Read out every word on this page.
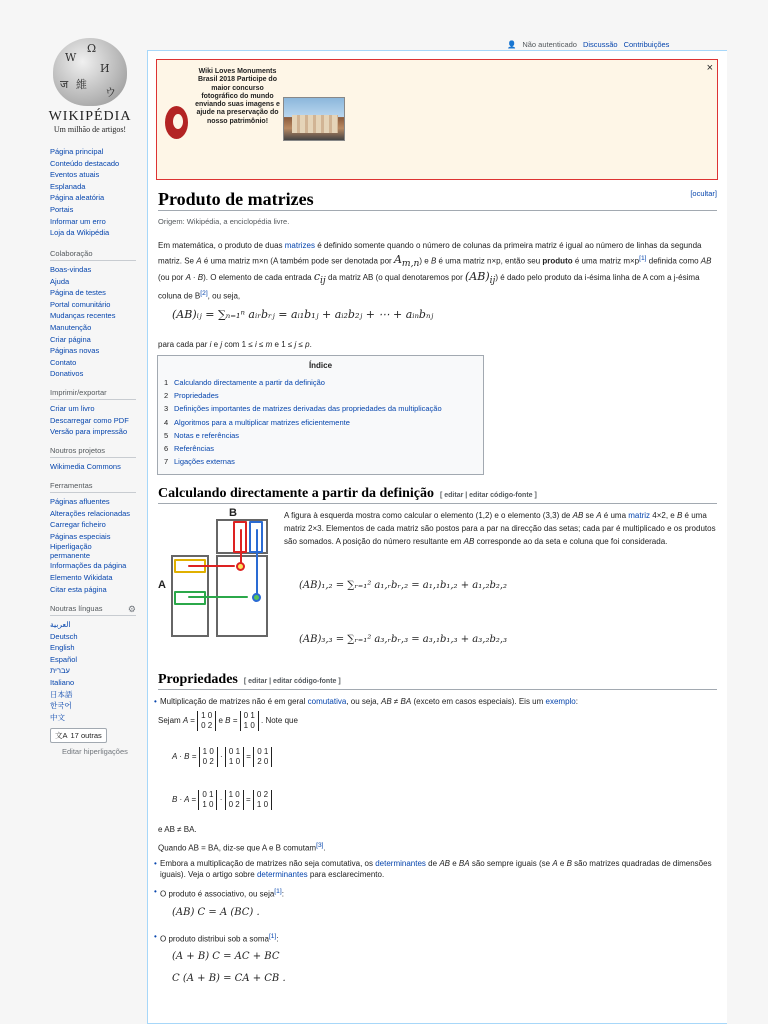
W
Ω
И
維
ウ
ज
WIKIPÉDIA
Um milhão de artigos!
Página principal
Conteúdo destacado
Eventos atuais
Esplanada
Página aleatória
Portais
Informar um erro
Loja da Wikipédia
Colaboração
Boas-vindas
Ajuda
Página de testes
Portal comunitário
Mudanças recentes
Manutenção
Criar página
Páginas novas
Contato
Donativos
Imprimir/exportar
Criar um livro
Descarregar como PDF
Versão para impressão
Noutros projetos
Wikimedia Commons
Ferramentas
Páginas afluentes
Alterações relacionadas
Carregar ficheiro
Páginas especiais
Hiperligação
permanente
Informações da página
Elemento Wikidata
Citar esta página
Noutras línguas	⚙
العربية
Deutsch
English
Español
עברית
Italiano
日本語
한국어
中文
文A 17 outras
Editar hiperligações
👤 Não autenticado Discussão Contribuições
×
Wiki Loves Monuments Brasil 2018 Participe do maior concurso fotográfico do mundo enviando suas imagens e ajude na preservação do nosso patrimônio!
Produto de matrizes	[ocultar]
Origem: Wikipédia, a enciclopédia livre.

Em matemática, o produto de duas matrizes é definido somente quando o número de colunas da primeira matriz é igual ao número de linhas da segunda matriz. Se A é uma matriz m×n (A também pode ser denotada por $A_{m,n}$) e B é uma matriz n×p, então seu produto é uma matriz m×p[1] definida como AB (ou por A · B). O elemento de cada entrada $c_{ij}$ da matriz AB (o qual denotaremos por $(AB)_{ij}$) é dado pelo produto da i-ésima linha de A com a j-ésima coluna de B[2], ou seja,

(AB)ᵢⱼ = ∑ₙ₌₁ⁿ aᵢᵣbᵣⱼ = aᵢ₁b₁ⱼ + aᵢ₂b₂ⱼ + ⋯ + aᵢₙbₙⱼ

para cada par i e j com 1 ≤ i ≤ m e 1 ≤ j ≤ p.

Índice
1 Calculando directamente a partir da definição
2 Propriedades
3 Definições importantes de matrizes derivadas das propriedades da multiplicação
4 Algoritmos para a multiplicar matrizes eficientemente
5 Notas e referências
6 Referências
7 Ligações externas
Calculando directamente a partir da definição [ editar | editar código-fonte ]
B
A

A figura à esquerda mostra como calcular o elemento (1,2) e o elemento (3,3) de AB se A é uma matriz 4×2, e B é uma matriz 2×3. Elementos de cada matriz são postos para a par na direcção das setas; cada par é multiplicado e os produtos são somados. A posição do número resultante em AB corresponde ao da seta e coluna que foi considerada.

(AB)₁,₂ = ∑ᵣ₌₁² a₁,ᵣbᵣ,₂ = a₁,₁b₁,₂ + a₁,₂b₂,₂
(AB)₃,₃ = ∑ᵣ₌₁² a₃,ᵣbᵣ,₃ = a₃,₁b₁,₃ + a₃,₂b₂,₃
Propriedades [ editar | editar código-fonte ]
• Multiplicação de matrizes não é em geral comutativa, ou seja, AB ≠ BA (exceto em casos especiais). Eis um exemplo:
Sejam A =
1 0
0 2
e B =
0 1
1 0
. Note que
A · B =
1 0
0 2
·
0 1
1 0
=
0 1
2 0
B · A =
0 1
1 0
·
1 0
0 2
=
0 2
1 0
e AB ≠ BA.
Quando AB = BA, diz-se que A e B comutam[3].
• Embora a multiplicação de matrizes não seja comutativa, os determinantes de AB e BA são sempre iguais (se A e B são matrizes quadradas de dimensões iguais). Veja o artigo sobre determinantes para esclarecimento.
• O produto é associativo, ou seja[1]:
(AB) C = A (BC) .
• O produto distribui sob a soma[1]:
(A + B) C = AC + BC
C (A + B) = CA + CB .
